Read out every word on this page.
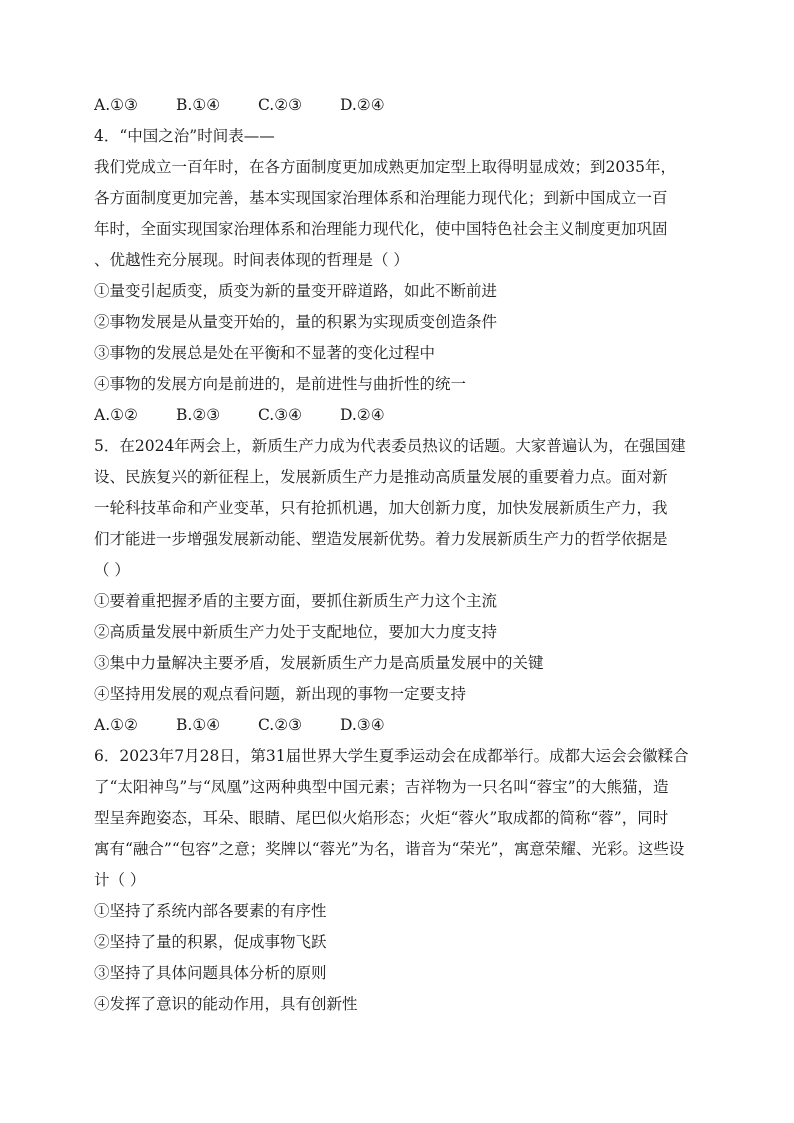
A.①③	B.①④	C.②③	D.②④
4．“中国之治”时间表——
我们党成立一百年时，在各方面制度更加成熟更加定型上取得明显成效；到2035年，
各方面制度更加完善，基本实现国家治理体系和治理能力现代化；到新中国成立一百
年时，全面实现国家治理体系和治理能力现代化，使中国特色社会主义制度更加巩固
、优越性充分展现。时间表体现的哲理是（ ）
①量变引起质变，质变为新的量变开辟道路，如此不断前进
②事物发展是从量变开始的，量的积累为实现质变创造条件
③事物的发展总是处在平衡和不显著的变化过程中
④事物的发展方向是前进的，是前进性与曲折性的统一
A.①②	B.②③	C.③④	D.②④
5．在2024年两会上，新质生产力成为代表委员热议的话题。大家普遍认为，在强国建
设、民族复兴的新征程上，发展新质生产力是推动高质量发展的重要着力点。面对新
一轮科技革命和产业变革，只有抢抓机遇，加大创新力度，加快发展新质生产力，我
们才能进一步增强发展新动能、塑造发展新优势。着力发展新质生产力的哲学依据是
（ ）
①要着重把握矛盾的主要方面，要抓住新质生产力这个主流
②高质量发展中新质生产力处于支配地位，要加大力度支持
③集中力量解决主要矛盾，发展新质生产力是高质量发展中的关键
④坚持用发展的观点看问题，新出现的事物一定要支持
A.①②	B.①④	C.②③	D.③④
6．2023年7月28日，第31届世界大学生夏季运动会在成都举行。成都大运会会徽糅合
了“太阳神鸟”与“凤凰”这两种典型中国元素；吉祥物为一只名叫“蓉宝”的大熊猫，造
型呈奔跑姿态，耳朵、眼睛、尾巴似火焰形态；火炬“蓉火”取成都的简称“蓉”，同时
寓有“融合”“包容”之意；奖牌以“蓉光”为名，谐音为“荣光”，寓意荣耀、光彩。这些设
计（ ）
①坚持了系统内部各要素的有序性
②坚持了量的积累，促成事物飞跃
③坚持了具体问题具体分析的原则
④发挥了意识的能动作用，具有创新性
